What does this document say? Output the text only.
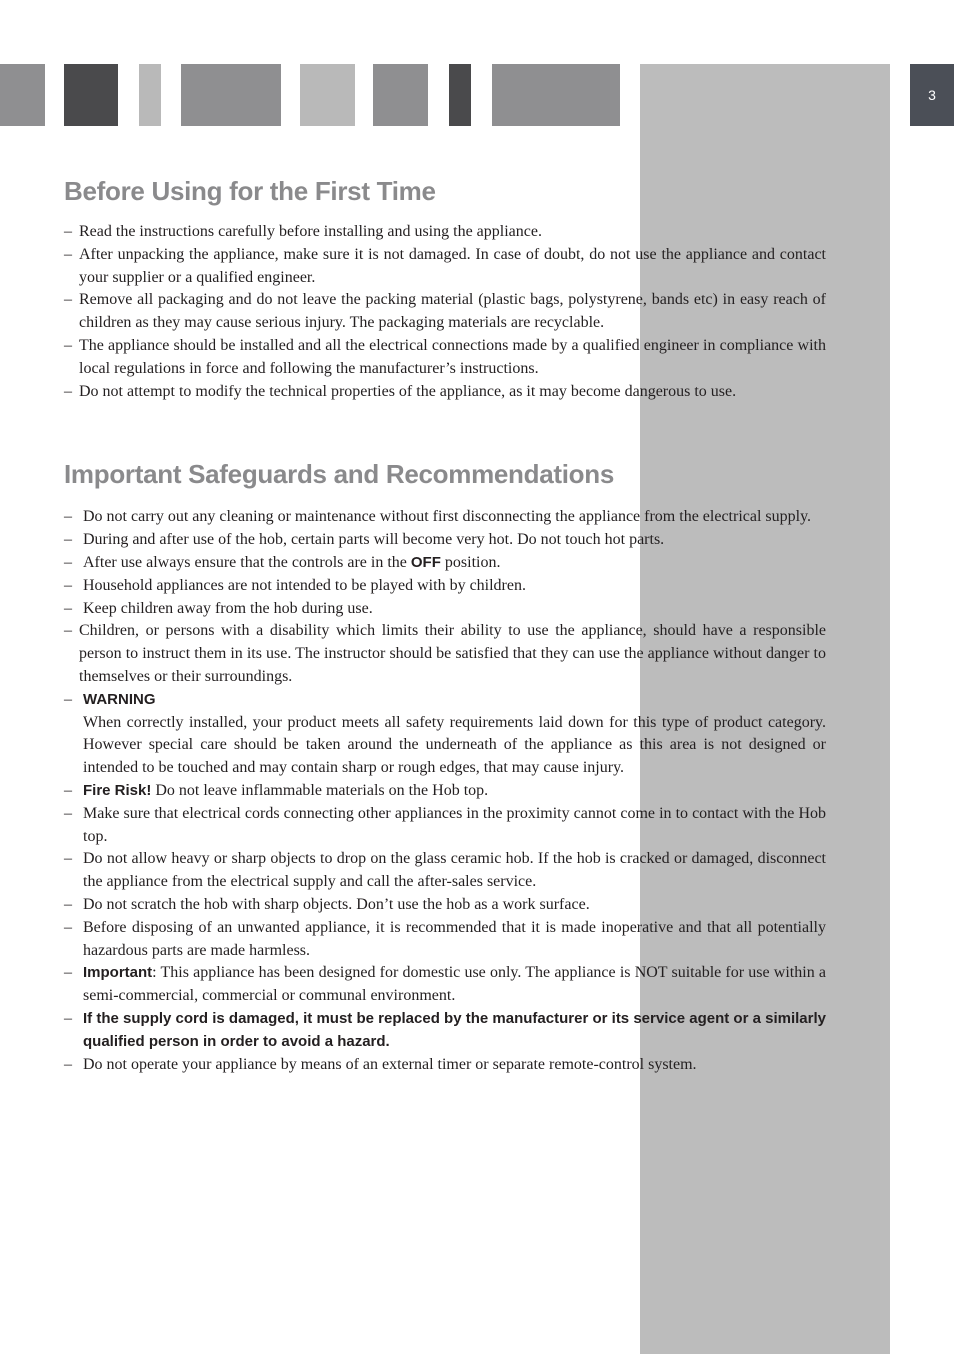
3
Before Using for the First Time
– Read the instructions carefully before installing and using the appliance.
– After unpacking the appliance, make sure it is not damaged. In case of doubt, do not use the appliance and contact your supplier or a qualified engineer.
– Remove all packaging and do not leave the packing material (plastic bags, polystyrene, bands etc) in easy reach of children as they may cause serious injury. The packaging materials are recyclable.
– The appliance should be installed and all the electrical connections made by a qualified engineer in compliance with local regulations in force and following the manufacturer’s instructions.
– Do not attempt to modify the technical properties of the appliance, as it may become dangerous to use.
Important Safeguards and Recommendations
– Do not carry out any cleaning or maintenance without first disconnecting the appliance from the electrical supply.
– During and after use of the hob, certain parts will become very hot. Do not touch hot parts.
– After use always ensure that the controls are in the OFF position.
– Household appliances are not intended to be played with by children.
– Keep children away from the hob during use.
– Children, or persons with a disability which limits their ability to use the appliance, should have a responsible person to instruct them in its use. The instructor should be satisfied that they can use the appliance without danger to themselves or their surroundings.
– WARNING
When correctly installed, your product meets all safety requirements laid down for this type of product category. However special care should be taken around the underneath of the appliance as this area is not designed or intended to be touched and may contain sharp or rough edges, that may cause injury.
– Fire Risk! Do not leave inflammable materials on the Hob top.
– Make sure that electrical cords connecting other appliances in the proximity cannot come in to contact with the Hob top.
– Do not allow heavy or sharp objects to drop on the glass ceramic hob. If the hob is cracked or damaged, disconnect the appliance from the electrical supply and call the after-sales service.
– Do not scratch the hob with sharp objects. Don’t use the hob as a work surface.
– Before disposing of an unwanted appliance, it is recommended that it is made inoperative and that all potentially hazardous parts are made harmless.
– Important: This appliance has been designed for domestic use only. The appliance is NOT suitable for use within a semi-commercial, commercial or communal environment.
– If the supply cord is damaged, it must be replaced by the manufacturer or its service agent or a similarly qualified person in order to avoid a hazard.
– Do not operate your appliance by means of an external timer or separate remote-control system.
